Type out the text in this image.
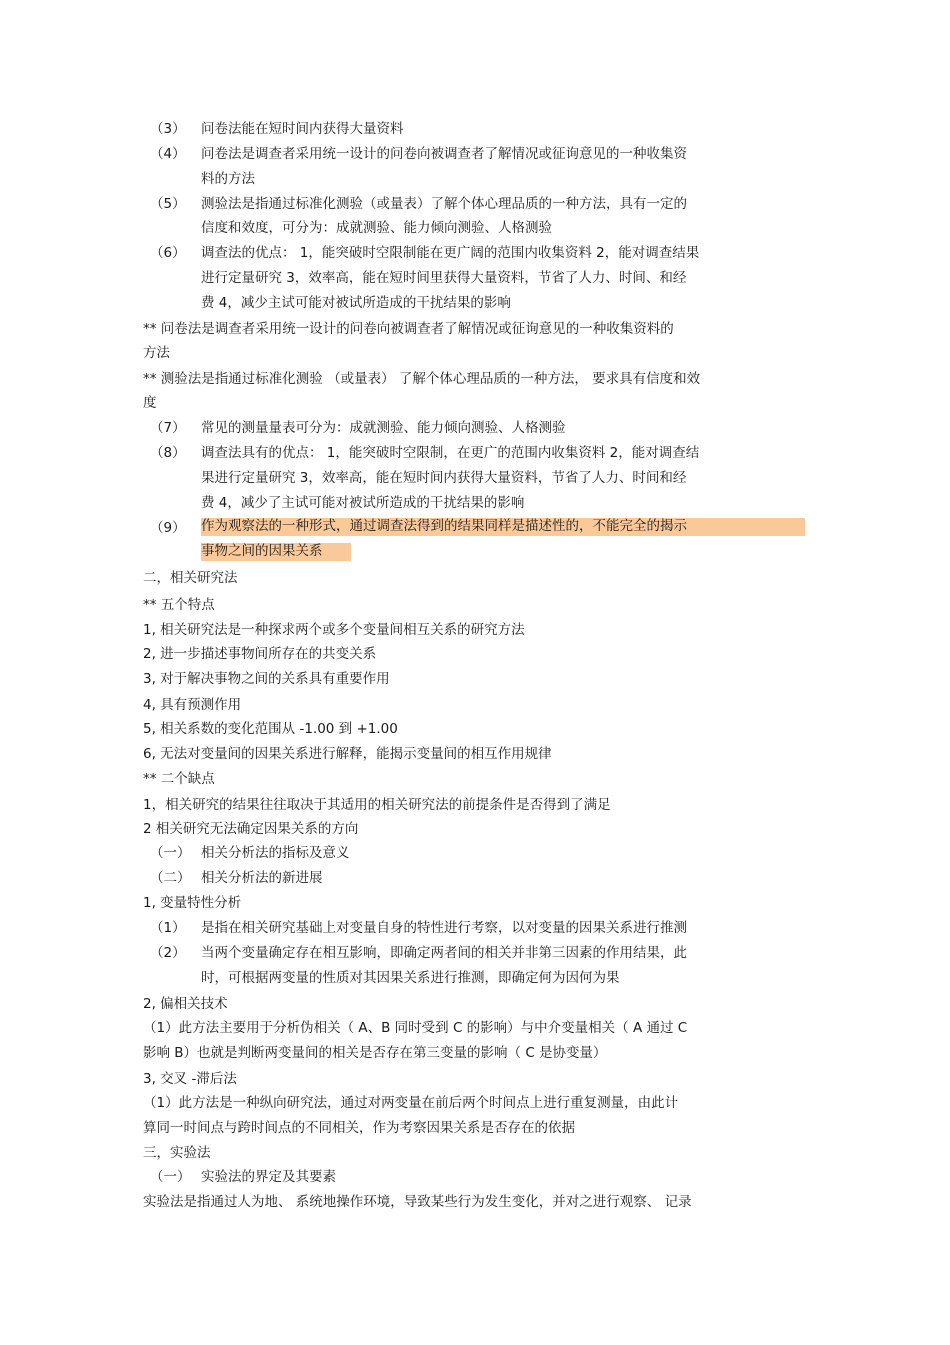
（3） 问卷法能在短时间内获得大量资料
（4） 问卷法是调查者采用统一设计的问卷向被调查者了解情况或征询意见的一种收集资
料的方法
（5） 测验法是指通过标准化测验（或量表）了解个体心理品质的一种方法，具有一定的
信度和效度，可分为：成就测验、能力倾向测验、人格测验
（6） 调查法的优点： 1，能突破时空限制能在更广阔的范围内收集资料 2，能对调查结果
进行定量研究 3，效率高，能在短时间里获得大量资料，节省了人力、时间、和经
费 4，减少主试可能对被试所造成的干扰结果的影响
** 问卷法是调查者采用统一设计的问卷向被调查者了解情况或征询意见的一种收集资料的
方法
** 测验法是指通过标准化测验 （或量表） 了解个体心理品质的一种方法， 要求具有信度和效
度
（7） 常见的测量量表可分为：成就测验、能力倾向测验、人格测验
（8） 调查法具有的优点： 1，能突破时空限制，在更广的范围内收集资料 2，能对调查结
果进行定量研究 3，效率高，能在短时间内获得大量资料，节省了人力、时间和经
费 4，减少了主试可能对被试所造成的干扰结果的影响
（9） 作为观察法的一种形式，通过调查法得到的结果同样是描述性的，不能完全的揭示
事物之间的因果关系
二，相关研究法
** 五个特点
1, 相关研究法是一种探求两个或多个变量间相互关系的研究方法
2, 进一步描述事物间所存在的共变关系
3, 对于解决事物之间的关系具有重要作用
4, 具有预测作用
5, 相关系数的变化范围从 -1.00 到 +1.00
6, 无法对变量间的因果关系进行解释，能揭示变量间的相互作用规律
** 二个缺点
1，相关研究的结果往往取决于其适用的相关研究法的前提条件是否得到了满足
2 相关研究无法确定因果关系的方向
（一） 相关分析法的指标及意义
（二） 相关分析法的新进展
1, 变量特性分析
（1） 是指在相关研究基础上对变量自身的特性进行考察，以对变量的因果关系进行推测
（2） 当两个变量确定存在相互影响，即确定两者间的相关并非第三因素的作用结果，此
时，可根据两变量的性质对其因果关系进行推测，即确定何为因何为果
2, 偏相关技术
（1）此方法主要用于分析伪相关（ A、B 同时受到 C 的影响）与中介变量相关（ A 通过 C
影响 B）也就是判断两变量间的相关是否存在第三变量的影响（ C 是协变量）
3, 交叉 -滞后法
（1）此方法是一种纵向研究法，通过对两变量在前后两个时间点上进行重复测量，由此计
算同一时间点与跨时间点的不同相关，作为考察因果关系是否存在的依据
三，实验法
（一） 实验法的界定及其要素
实验法是指通过人为地、 系统地操作环境，导致某些行为发生变化，并对之进行观察、 记录
